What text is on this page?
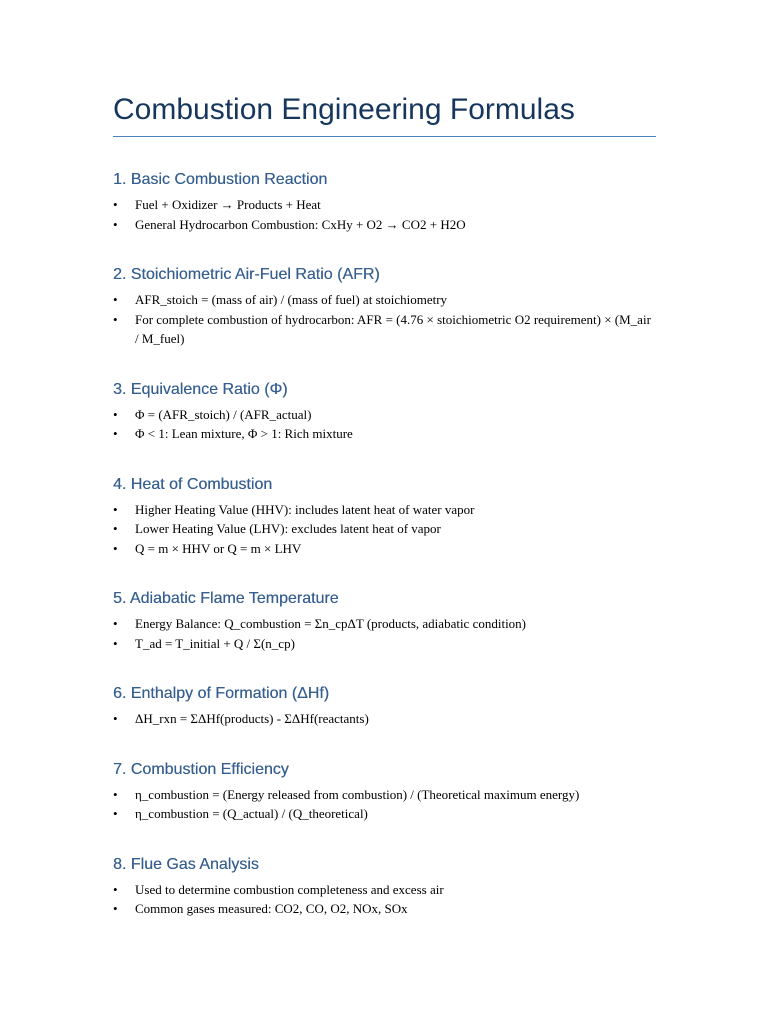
Combustion Engineering Formulas
1. Basic Combustion Reaction
• Fuel + Oxidizer → Products + Heat
• General Hydrocarbon Combustion: CxHy + O2 → CO2 + H2O
2. Stoichiometric Air-Fuel Ratio (AFR)
• AFR_stoich = (mass of air) / (mass of fuel) at stoichiometry
• For complete combustion of hydrocarbon: AFR = (4.76 × stoichiometric O2 requirement) × (M_air / M_fuel)
3. Equivalence Ratio (Φ)
• Φ = (AFR_stoich) / (AFR_actual)
• Φ < 1: Lean mixture, Φ > 1: Rich mixture
4. Heat of Combustion
• Higher Heating Value (HHV): includes latent heat of water vapor
• Lower Heating Value (LHV): excludes latent heat of vapor
• Q = m × HHV or Q = m × LHV
5. Adiabatic Flame Temperature
• Energy Balance: Q_combustion = Σn_cpΔT (products, adiabatic condition)
• T_ad = T_initial + Q / Σ(n_cp)
6. Enthalpy of Formation (ΔHf)
• ΔH_rxn = ΣΔHf(products) - ΣΔHf(reactants)
7. Combustion Efficiency
• η_combustion = (Energy released from combustion) / (Theoretical maximum energy)
• η_combustion = (Q_actual) / (Q_theoretical)
8. Flue Gas Analysis
• Used to determine combustion completeness and excess air
• Common gases measured: CO2, CO, O2, NOx, SOx
